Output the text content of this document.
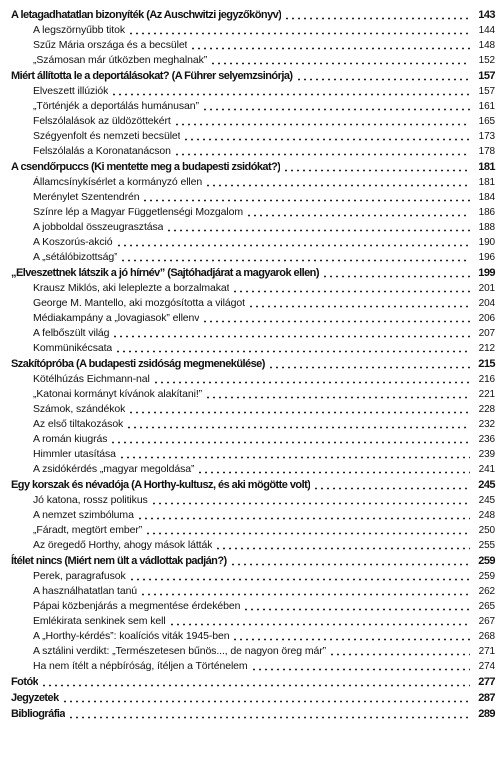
A letagadhatatlan bizonyíték (Az Auschwitzi jegyzőkönyv)	143
A legszörnyűbb titok	144
Szűz Mária országa és a becsület	148
„Számosan már útközben meghalnak”	152
Miért állította le a deportálásokat? (A Führer selyemzsinórja)	157
Elveszett illúziók	157
„Történjék a deportálás humánusan”	161
Felszólalások az üldözöttekért	165
Szégyenfolt és nemzeti becsület	173
Felszólalás a Koronatanácson	178
A csendőrpuccs (Ki mentette meg a budapesti zsidókat?)	181
Államcsínykísérlet a kormányzó ellen	181
Merénylet Szentendrén	184
Színre lép a Magyar Függetlenségi Mozgalom	186
A jobboldal összeugrasztása	188
A Koszorús-akció	190
A „sétálóbizottság”	196
„Elveszettnek látszik a jó hírnév” (Sajtóhadjárat a magyarok ellen)	199
Krausz Miklós, aki leleplezte a borzalmakat	201
George M. Mantello, aki mozgósította a világot	204
Médiakampány a „lovagiasok” ellenv	206
A felbőszült világ	207
Kommünikécsata	212
Szakítópróba (A budapesti zsidóság megmenekülése)	215
Kötélhúzás Eichmann-nal	216
„Katonai kormányt kívánok alakítani!”	221
Számok, szándékok	228
Az első tiltakozások	232
A román kiugrás	236
Himmler utasítása	239
A zsidókérdés „magyar megoldása”	241
Egy korszak és névadója (A Horthy-kultusz, és aki mögötte volt)	245
Jó katona, rossz politikus	245
A nemzet szimbóluma	248
„Fáradt, megtört ember”	250
Az öregedő Horthy, ahogy mások látták	255
Ítélet nincs (Miért nem ült a vádlottak padján?)	259
Perek, paragrafusok	259
A használhatatlan tanú	262
Pápai közbenjárás a megmentése érdekében	265
Emlékirata senkinek sem kell	267
A „Horthy-kérdés”: koalíciós viták 1945-ben	268
A sztálini verdikt: „Természetesen bűnös..., de nagyon öreg már”	271
Ha nem ítélt a népbíróság, ítéljen a Történelem	274
Fotók	277
Jegyzetek	287
Bibliográfia	289
